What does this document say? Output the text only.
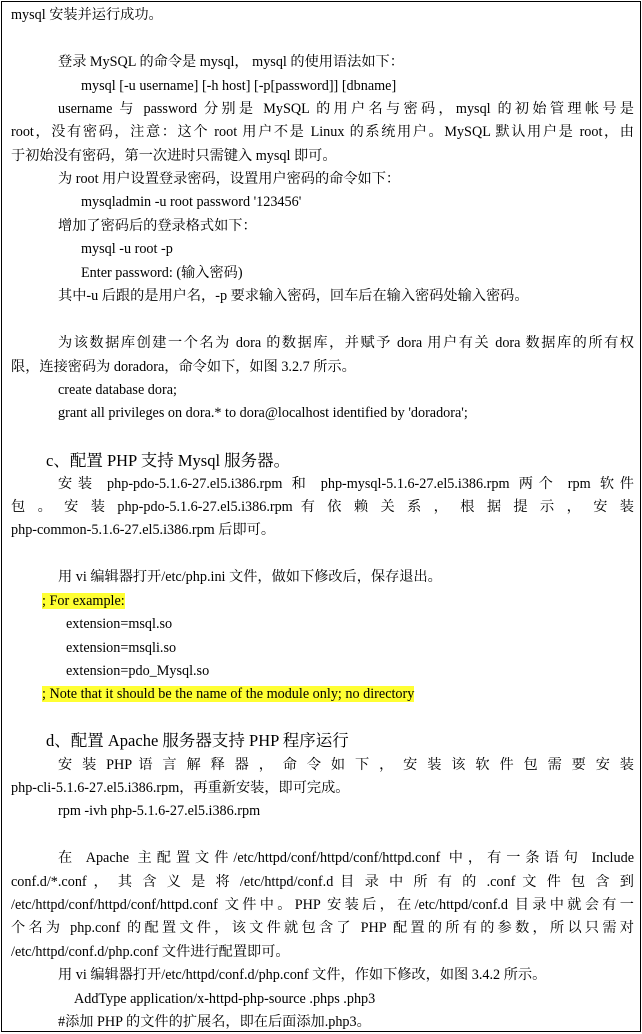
mysql 安装并运行成功。
登录 MySQL 的命令是 mysql， mysql 的使用语法如下：
mysql [-u username] [-h host] [-p[password]] [dbname]
username 与 password 分别是 MySQL 的用户名与密码，mysql 的初始管理帐号是
root，没有密码，注意：这个 root 用户不是 Linux 的系统用户。MySQL 默认用户是 root，由
于初始没有密码，第一次进时只需键入 mysql 即可。
为 root 用户设置登录密码，设置用户密码的命令如下：
mysqladmin -u root password '123456'
增加了密码后的登录格式如下：
mysql -u root -p
Enter password: (输入密码)
其中-u 后跟的是用户名，-p 要求输入密码，回车后在输入密码处输入密码。
为该数据库创建一个名为 dora 的数据库，并赋予 dora 用户有关 dora 数据库的所有权
限，连接密码为 doradora，命令如下，如图 3.2.7 所示。
create database dora;
grant all privileges on dora.* to dora@localhost identified by 'doradora';
c、配置 PHP 支持 Mysql 服务器。
安装 php-pdo-5.1.6-27.el5.i386.rpm 和 php-mysql-5.1.6-27.el5.i386.rpm 两个 rpm 软件
包 。 安 装 php-pdo-5.1.6-27.el5.i386.rpm 有 依 赖 关 系 ， 根 据 提 示 ， 安 装
php-common-5.1.6-27.el5.i386.rpm 后即可。
用 vi 编辑器打开/etc/php.ini 文件，做如下修改后，保存退出。
; For example:
extension=msql.so
extension=msqli.so
extension=pdo_Mysql.so
; Note that it should be the name of the module only; no directory
d、配置 Apache 服务器支持 PHP 程序运行
安 装 PHP 语 言 解 释 器 ， 命 令 如 下 ， 安 装 该 软 件 包 需 要 安 装
php-cli-5.1.6-27.el5.i386.rpm，再重新安装，即可完成。
rpm -ivh php-5.1.6-27.el5.i386.rpm
在 Apache 主配置文件/etc/httpd/conf/httpd/conf/httpd.conf 中，有一条语句 Include
conf.d/*.conf ， 其 含 义 是 将 /etc/httpd/conf.d 目 录 中 所 有 的 .conf 文 件 包 含 到
/etc/httpd/conf/httpd/conf/httpd.conf 文件中。PHP 安装后，在/etc/httpd/conf.d 目录中就会有一
个名为 php.conf 的配置文件，该文件就包含了 PHP 配置的所有的参数，所以只需对
/etc/httpd/conf.d/php.conf 文件进行配置即可。
用 vi 编辑器打开/etc/httpd/conf.d/php.conf 文件，作如下修改，如图 3.4.2 所示。
AddType application/x-httpd-php-source .phps .php3
#添加 PHP 的文件的扩展名，即在后面添加.php3。
